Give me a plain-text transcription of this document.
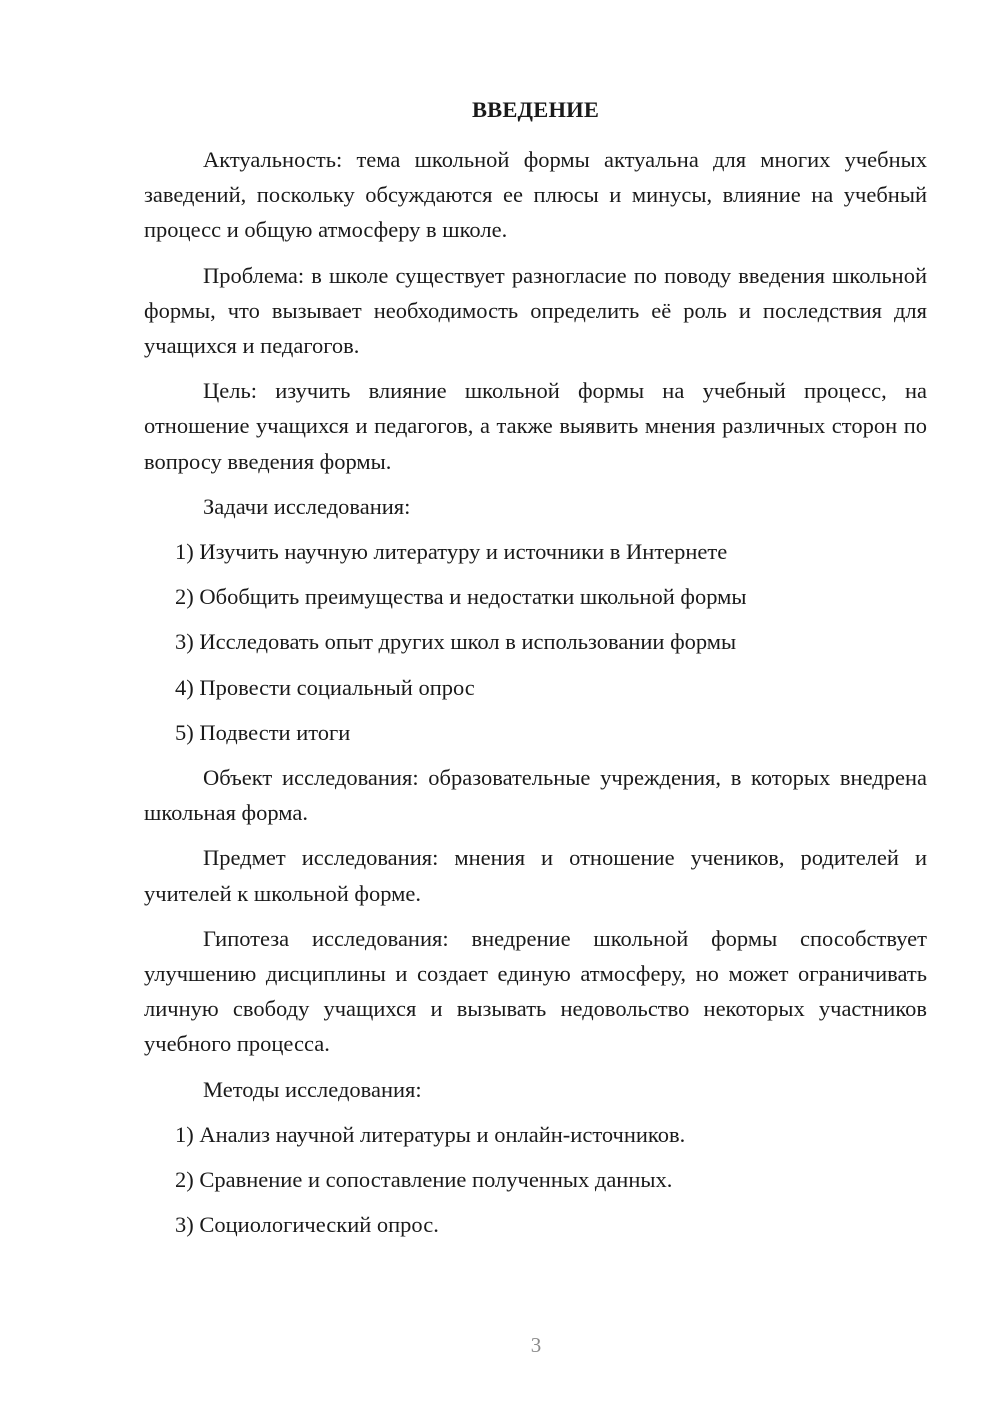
ВВЕДЕНИЕ

Актуальность: тема школьной формы актуальна для многих учебных заведений, поскольку обсуждаются ее плюсы и минусы, влияние на учебный процесс и общую атмосферу в школе.

Проблема: в школе существует разногласие по поводу введения школьной формы, что вызывает необходимость определить её роль и последствия для учащихся и педагогов.

Цель: изучить влияние школьной формы на учебный процесс, на отношение учащихся и педагогов, а также выявить мнения различных сторон по вопросу введения формы.

Задачи исследования:

1) Изучить научную литературу и источники в Интернете

2) Обобщить преимущества и недостатки школьной формы

3) Исследовать опыт других школ в использовании формы

4) Провести социальный опрос

5) Подвести итоги

Объект исследования: образовательные учреждения, в которых внедрена школьная форма.

Предмет исследования: мнения и отношение учеников, родителей и учителей к школьной форме.

Гипотеза исследования: внедрение школьной формы способствует улучшению дисциплины и создает единую атмосферу, но может ограничивать личную свободу учащихся и вызывать недовольство некоторых участников учебного процесса.

Методы исследования:

1) Анализ научной литературы и онлайн-источников.

2) Сравнение и сопоставление полученных данных.

3) Социологический опрос.

3
